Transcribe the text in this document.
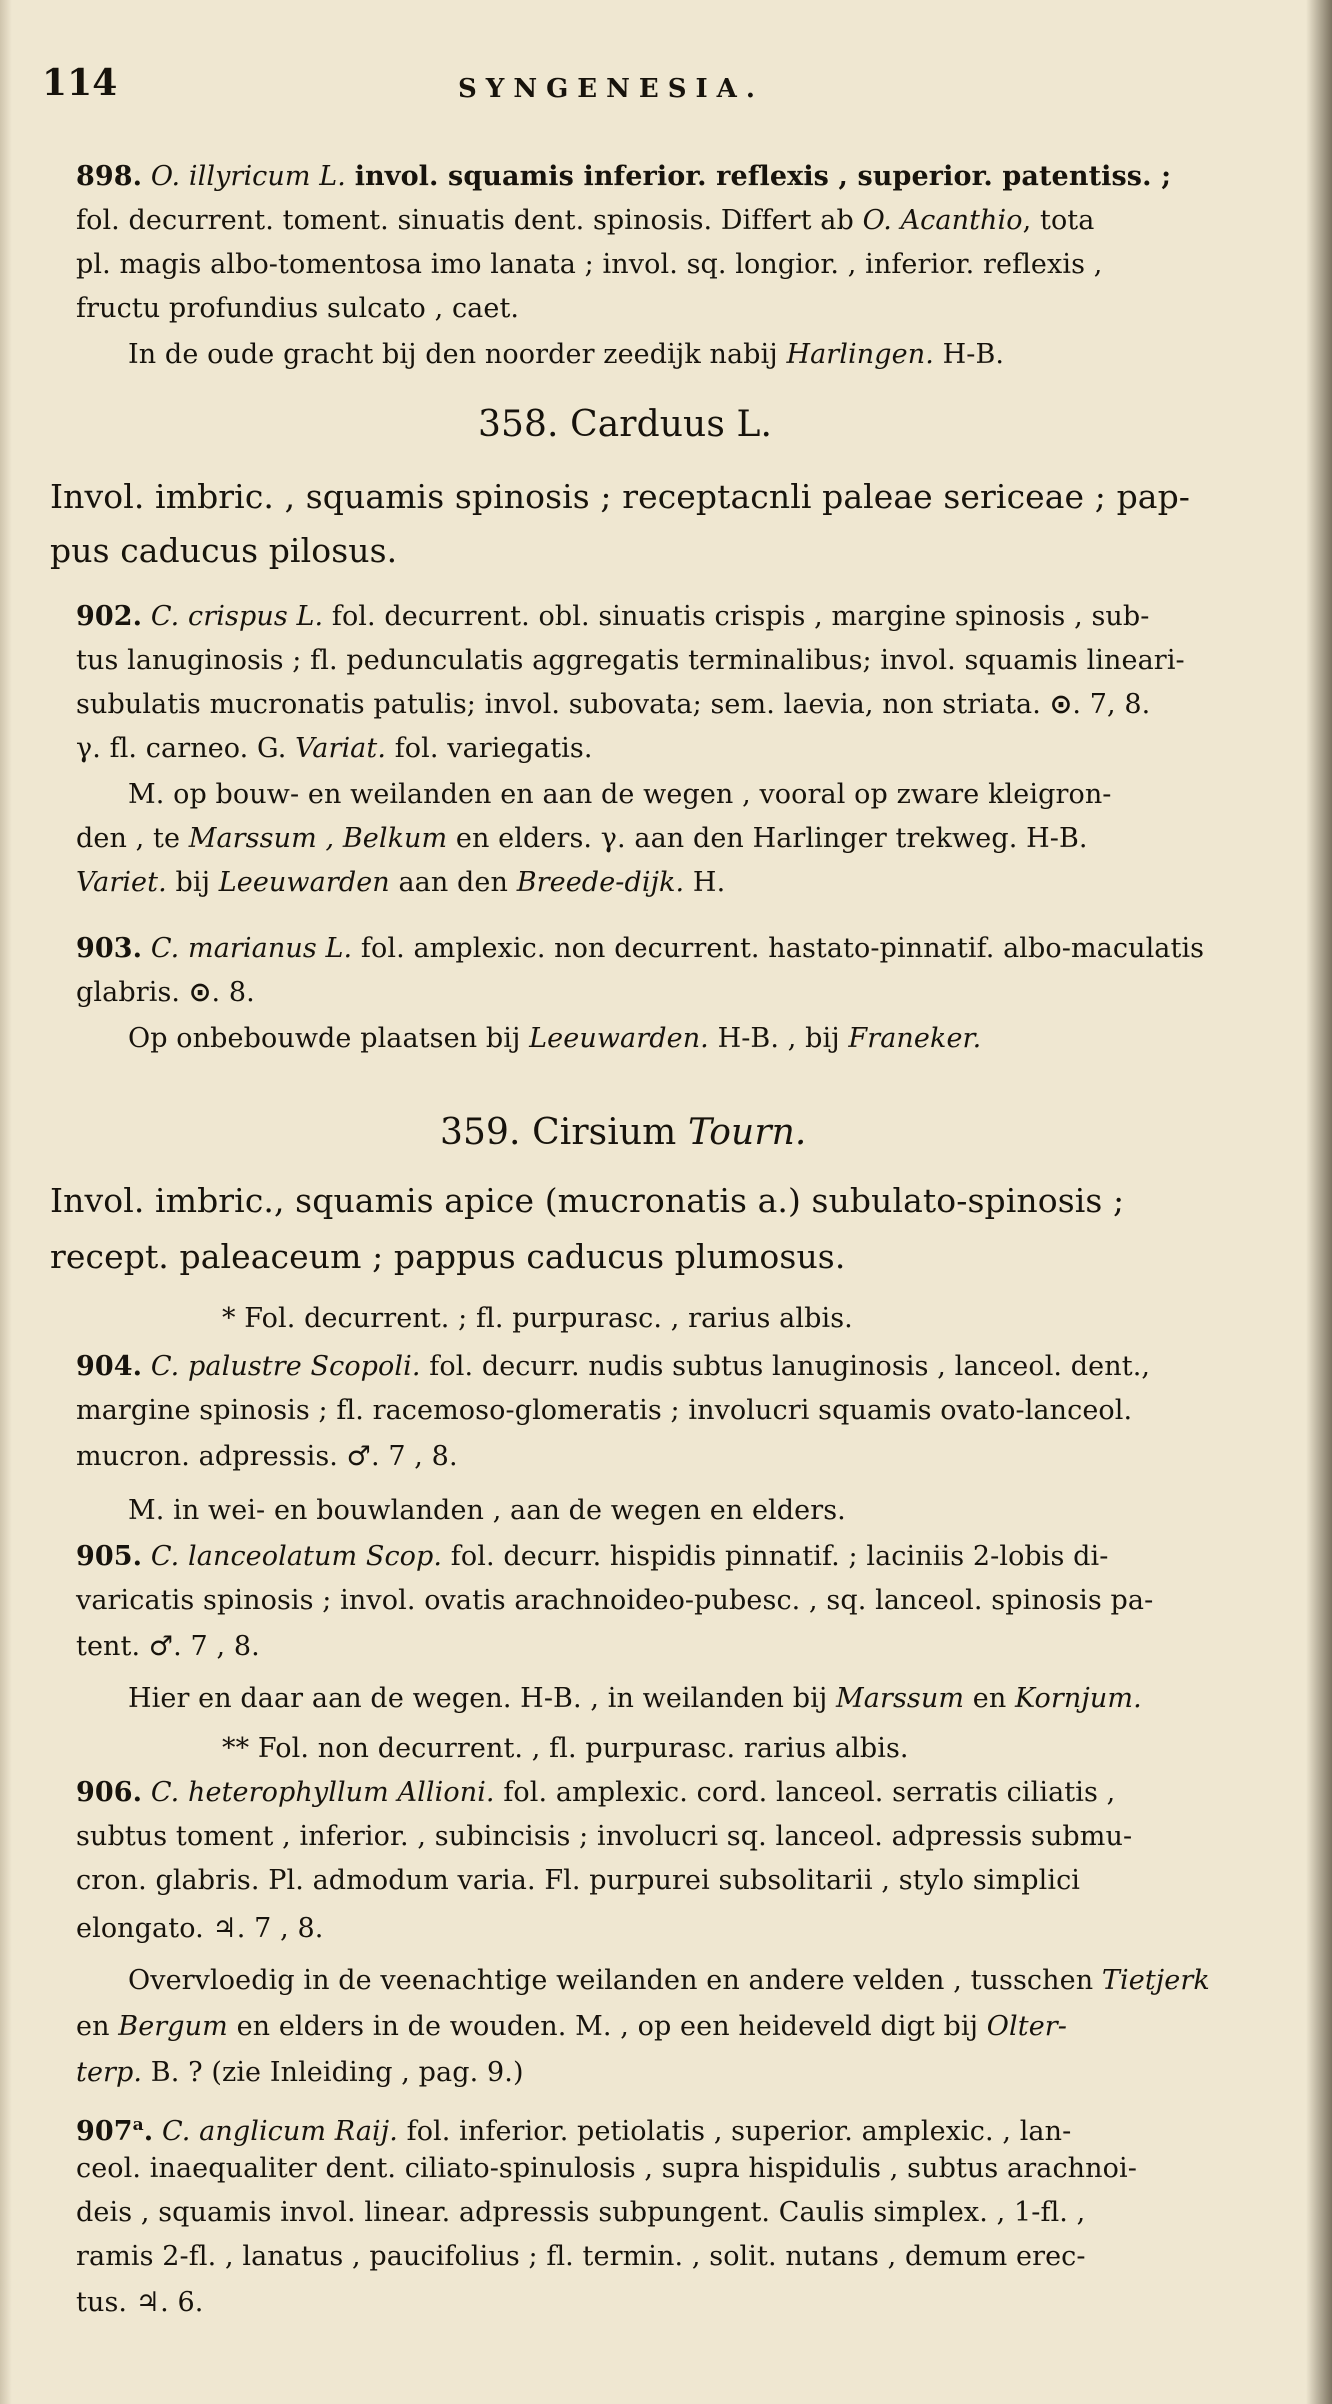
114	SYNGENESIA.
898. O. illyricum L. invol. squamis inferior. reflexis , superior. patentiss. ;
fol. decurrent. toment. sinuatis dent. spinosis. Differt ab O. Acanthio, tota
pl. magis albo-tomentosa imo lanata ; invol. sq. longior. , inferior. reflexis ,
fructu profundius sulcato , caet.
In de oude gracht bij den noorder zeedijk nabij Harlingen. H-B.
358. Carduus L.
Invol. imbric. , squamis spinosis ; receptacnli paleae sericeae ; pap-
pus caducus pilosus.
902. C. crispus L. fol. decurrent. obl. sinuatis crispis , margine spinosis , sub-
tus lanuginosis ; fl. pedunculatis aggregatis terminalibus; invol. squamis lineari-
subulatis mucronatis patulis; invol. subovata; sem. laevia, non striata. ⊙. 7, 8.
γ. fl. carneo. G. Variat. fol. variegatis.
M. op bouw- en weilanden en aan de wegen , vooral op zware kleigron-
den , te Marssum , Belkum en elders. γ. aan den Harlinger trekweg. H-B.
Variet. bij Leeuwarden aan den Breede-dijk. H.
903. C. marianus L. fol. amplexic. non decurrent. hastato-pinnatif. albo-maculatis
glabris. ⊙. 8.
Op onbebouwde plaatsen bij Leeuwarden. H-B. , bij Franeker.
359. Cirsium Tourn.
Invol. imbric., squamis apice (mucronatis a.) subulato-spinosis ;
recept. paleaceum ; pappus caducus plumosus.
* Fol. decurrent. ; fl. purpurasc. , rarius albis.
904. C. palustre Scopoli. fol. decurr. nudis subtus lanuginosis , lanceol. dent.,
margine spinosis ; fl. racemoso-glomeratis ; involucri squamis ovato-lanceol.
mucron. adpressis. ♂. 7 , 8.
M. in wei- en bouwlanden , aan de wegen en elders.
905. C. lanceolatum Scop. fol. decurr. hispidis pinnatif. ; laciniis 2-lobis di-
varicatis spinosis ; invol. ovatis arachnoideo-pubesc. , sq. lanceol. spinosis pa-
tent. ♂. 7 , 8.
Hier en daar aan de wegen. H-B. , in weilanden bij Marssum en Kornjum.
** Fol. non decurrent. , fl. purpurasc. rarius albis.
906. C. heterophyllum Allioni. fol. amplexic. cord. lanceol. serratis ciliatis ,
subtus toment , inferior. , subincisis ; involucri sq. lanceol. adpressis submu-
cron. glabris. Pl. admodum varia. Fl. purpurei subsolitarii , stylo simplici
elongato. ♃. 7 , 8.
Overvloedig in de veenachtige weilanden en andere velden , tusschen Tietjerk
en Bergum en elders in de wouden. M. , op een heideveld digt bij Olter-
terp. B. ? (zie Inleiding , pag. 9.)
907$^a$. C. anglicum Raij. fol. inferior. petiolatis , superior. amplexic. , lan-
ceol. inaequaliter dent. ciliato-spinulosis , supra hispidulis , subtus arachnoi-
deis , squamis invol. linear. adpressis subpungent. Caulis simplex. , 1-fl. ,
ramis 2-fl. , lanatus , paucifolius ; fl. termin. , solit. nutans , demum erec-
tus. ♃. 6.
